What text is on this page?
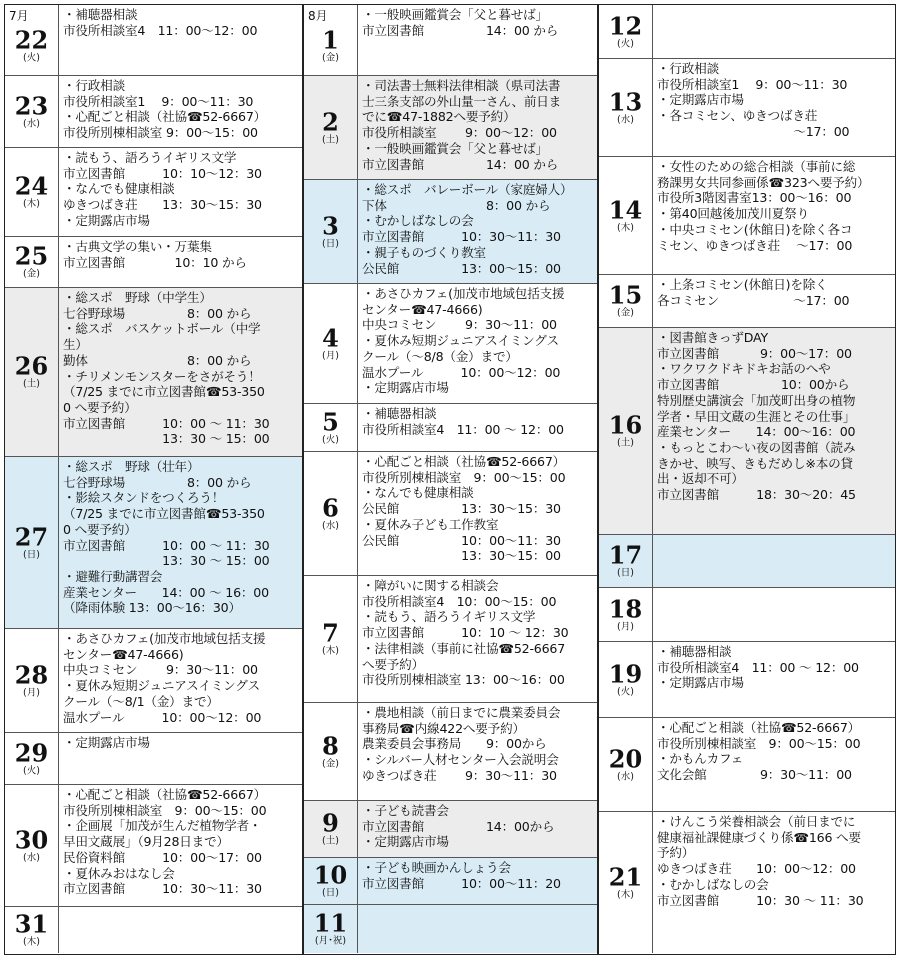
7月
22
(火)
・補聴器相談
市役所相談室4　11：00～12：00
23
(水)
・行政相談
市役所相談室1　 9：00～11：30
・心配ごと相談（社協☎52-6667）
市役所別棟相談室 9：00～15：00
24
(木)
・読もう、語ろうイギリス文学
市立図書館　　　10：10～12：30
・なんでも健康相談
ゆきつばき荘　　13：30～15：30
・定期露店市場
25
(金)
・古典文学の集い・万葉集
市立図書館　　　　10：10 から
26
(土)
・総スポ　野球（中学生）
七谷野球場　　　　　8：00 から
・総スポ　バスケットボール（中学
生）
勤体　　　　　　　　8：00 から
・チリメンモンスターをさがそう！
（7/25 までに市立図書館☎53-350
0 へ要予約）
市立図書館　　　10：00 ～ 11：30
　　　　　　　　13：30 ～ 15：00
27
(日)
・総スポ　野球（壮年）
七谷野球場　　　　　8：00 から
・影絵スタンドをつくろう！
（7/25 までに市立図書館☎53-350
0 へ要予約）
市立図書館　　　10：00 ～ 11：30
　　　　　　　　13：30 ～ 15：00
・避難行動講習会
産業センター　　14：00 ～ 16：00
（降雨体験 13：00～16：30）
28
(月)
・あさひカフェ(加茂市地域包括支援
センター☎47-4666)
中央コミセン　　 9：30～11：00
・夏休み短期ジュニアスイミングス
クール（～8/1（金）まで）
温水プール　　　10：00～12：00
29
(火)
・定期露店市場
30
(水)
・心配ごと相談（社協☎52-6667）
市役所別棟相談室　9：00～15：00
・企画展「加茂が生んだ植物学者・
早田文蔵展」（9月28日まで）
民俗資料館　　　10：00～17：00
・夏休みおはなし会
市立図書館　　　10：30～11：30
31
(木)
8月
1
(金)
・一般映画鑑賞会「父と暮せば」
市立図書館　　　　　14：00 から
2
(土)
・司法書士無料法律相談（県司法書
士三条支部の外山量一さん、前日ま
でに☎47-1882へ要予約）
市役所相談室　　 9：00～12：00
・一般映画鑑賞会「父と暮せば」
市立図書館　　　　　14：00 から
3
(日)
・総スポ　バレーボール（家庭婦人）
下体　　　　　　　　8：00 から
・むかしばなしの会
市立図書館　　　10：30～11：30
・親子ものづくり教室
公民館　　　　　13：00～15：00
4
(月)
・あさひカフェ(加茂市地域包括支援
センター☎47-4666)
中央コミセン　　 9：30～11：00
・夏休み短期ジュニアスイミングス
クール（～8/8（金）まで）
温水プール　　　10：00～12：00
・定期露店市場
5
(火)
・補聴器相談
市役所相談室4　11：00 ～ 12：00
6
(水)
・心配ごと相談（社協☎52-6667）
市役所別棟相談室　9：00～15：00
・なんでも健康相談
公民館　　　　　13：30～15：30
・夏休み子ども工作教室
公民館　　　　　10：00～11：30
　　　　　　　　13：30～15：00
7
(木)
・障がいに関する相談会
市役所相談室4　10：00～15：00
・読もう、語ろうイギリス文学
市立図書館　　　10：10 ～ 12：30
・法律相談（事前に社協☎52-6667
へ要予約）
市役所別棟相談室 13：00～16：00
8
(金)
・農地相談（前日までに農業委員会
事務局☎内線422へ要予約）
農業委員会事務局　　9：00から
・シルバー人材センター入会説明会
ゆきつばき荘　　 9：30～11：30
9
(土)
・子ども読書会
市立図書館　　　　　14：00から
・定期露店市場
10
(日)
・子ども映画かんしょう会
市立図書館　　　10：00～11：20
11
(月･祝)
12
(火)
13
(水)
・行政相談
市役所相談室1　 9：00～11：30
・定期露店市場
・各コミセン、ゆきつばき荘
　　　　　　　　　　　～17：00
14
(木)
・女性のための総合相談（事前に総
務課男女共同参画係☎323へ要予約）
市役所3階図書室13：00～16：00
・第40回越後加茂川夏祭り
・中央コミセン(休館日)を除く各コ
ミセン、ゆきつばき荘　 ～17：00
15
(金)
・上条コミセン(休館日)を除く
各コミセン　　　　　　～17：00
16
(土)
・図書館きっずDAY
市立図書館　　　 9：00～17：00
・ワクワクドキドキお話のへや
市立図書館　　　　　10：00から
特別歴史講演会「加茂町出身の植物
学者・早田文蔵の生涯とその仕事」
産業センター　　14：00～16：00
・もっとこわ～い夜の図書館（読み
きかせ、映写、きもだめし※本の貸
出・返却不可）
市立図書館　　　18：30～20：45
17
(日)
18
(月)
19
(火)
・補聴器相談
市役所相談室4　11：00 ～ 12：00
・定期露店市場
20
(水)
・心配ごと相談（社協☎52-6667）
市役所別棟相談室　9：00～15：00
・かもんカフェ
文化会館　　　　 9：30～11：00
21
(木)
・けんこう栄養相談会（前日までに
健康福祉課健康づくり係☎166 へ要
予約）
ゆきつばき荘　　10：00～12：00
・むかしばなしの会
市立図書館　　　10：30 ～ 11：30
